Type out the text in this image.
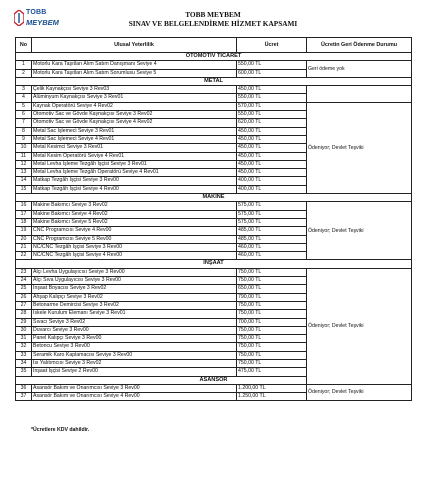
TOBB
MEYBEM
TOBB MEYBEM
SINAV VE BELGELENDİRME HİZMET KAPSAMI
No	Ulusal Yeterlilik	Ücret	Ücretin Geri Ödenme Durumu
OTOMOTİV TİCARET			
1	Motorlu Kara Taşıtları Alım Satım Danışmanı Seviye 4	550,00 TL	Geri ödeme yok
2	Motorlu Kara Taşıtları Alım Satım Sorumlusu Seviye 5	600,00 TL	
METAL			
3	Çelik Kaynakçısı Seviye 3 Rev03	450,00 TL	
4	Alüminyum Kaynakçısı Seviye 3 Rev01	550,00 TL	
5	Kaynak Operatörü Seviye 4 Rev02	570,00 TL	Ödeniyor; Devlet Teşviki
6	Otomotiv Sac ve Gövde Kaynakçısı Seviye 3 Rev02	550,00 TL	
7	Otomotiv Sac ve Gövde Kaynakçısı Seviye 4 Rev02	620,00 TL	
8	Metal Sac İşlemeci Seviye 3 Rev01	450,00 TL	
9	Metal Sac İşlemeci Seviye 4 Rev01	450,00 TL	
10	Metal Kesimci Seviye 3 Rev01	450,00 TL	
11	Metal Kesim Operatörü Seviye 4 Rev01	450,00 TL	
12	Metal Levha İşleme Tezgâh İşçisi Seviye 3 Rev01	450,00 TL	
13	Metal Levha İşleme Tezgâh Operatörü Seviye 4 Rev01	450,00 TL	
14	Matkap Tezgâh İşçisi Seviye 3 Rev00	400,00 TL	
15	Matkap Tezgâh İşçisi Seviye 4 Rev00	400,00 TL	
MAKİNE			
16	Makine Bakımcı Seviye 3 Rev02	575,00 TL	Ödeniyor; Devlet Teşviki
17	Makine Bakımcı Seviye 4 Rev02	575,00 TL	
18	Makine Bakımcı Seviye 5 Rev02	575,00 TL	
19	CNC Programcısı Seviye 4 Rev00	485,00 TL	
20	CNC Programcısı Seviye 5 Rev00	485,00 TL	
21	NC/CNC Tezgâh İşçisi Seviye 3 Rev00	460,00 TL	
22	NC/CNC Tezgâh İşçisi Seviye 4 Rev00	460,00 TL	
İNŞAAT			
23	Alçı Levha Uygulayıcısı Seviye 3 Rev00	750,00 TL	Ödeniyor; Devlet Teşviki
24	Alçı Sıva Uygulayıcısı Seviye 3 Rev00	750,00 TL	
25	İnşaat Boyacısı Seviye 3 Rev02	650,00 TL	
26	Ahşap Kalıpçı Seviye 3 Rev02	790,00 TL	
27	Betonarme Demircisi Seviye 3 Rev02	750,00 TL	
28	İskele Kurulum Elemanı Seviye 3 Rev01	750,00 TL	
29	Sıvacı Seviye 3 Rev02	700,00 TL	
30	Duvarcı Seviye 3 Rev00	750,00 TL	
31	Panel Kalıpçı Seviye 3 Rev00	750,00 TL	
32	Betoncu Seviye 3 Rev00	750,00 TL	
33	Seramik Karo Kaplamacısı Seviye 3 Rev00	750,00 TL	
34	Isı Yalıtımcısı Seviye 3 Rev02	750,00 TL	
35	İnşaat İşçisi Seviye 2 Rev00	475,00 TL	
ASANSÖR			
36	Asansör Bakım ve Onarımcısı Seviye 3 Rev00	1.200,00 TL	Ödeniyor; Devlet Teşviki
37	Asansör Bakım ve Onarımcısı Seviye 4 Rev00	1.250,00 TL	
*Ücretlere KDV dahildir.
